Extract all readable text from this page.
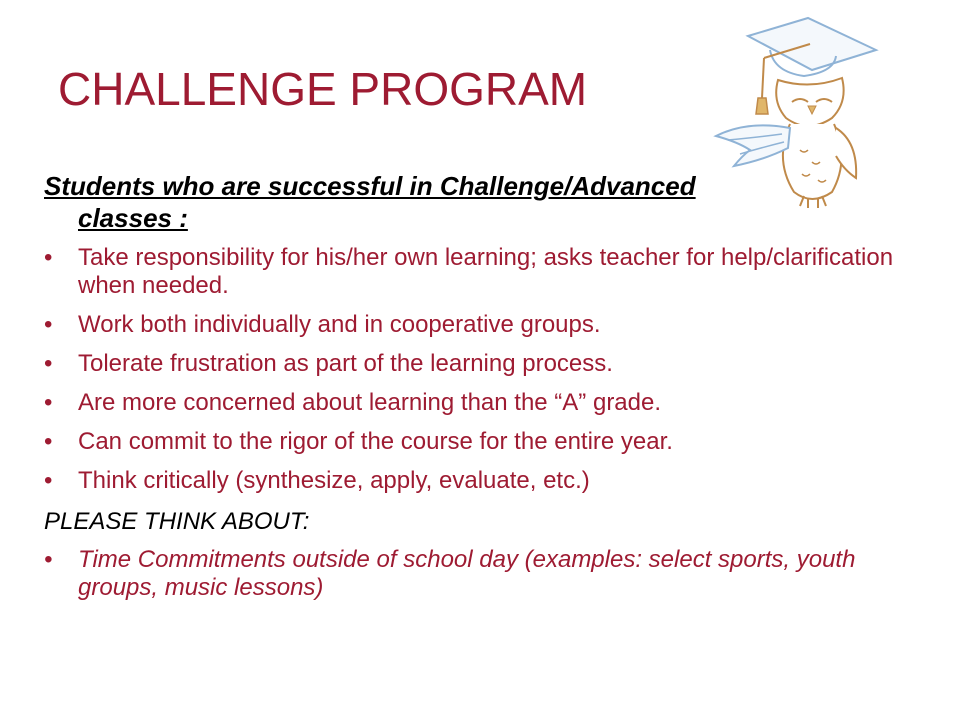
CHALLENGE PROGRAM
Students who are successful in Challenge/Advanced
classes :
• Take responsibility for his/her own learning; asks teacher for help/clarification when needed.
• Work both individually and in cooperative groups.
• Tolerate frustration as part of the learning process.
• Are more concerned about learning than the “A” grade.
• Can commit to the rigor of the course for the entire year.
• Think critically (synthesize, apply, evaluate, etc.)

PLEASE THINK ABOUT:

• Time Commitments outside of school day (examples: select sports, youth groups, music lessons)
